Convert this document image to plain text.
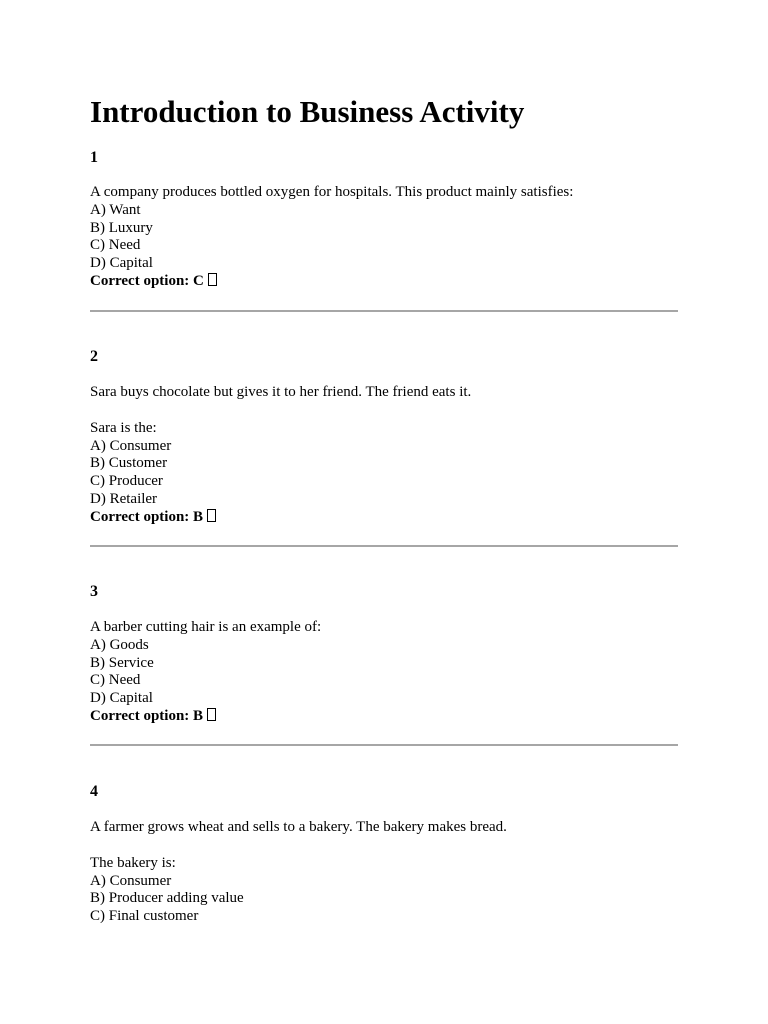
Introduction to Business Activity

1

A company produces bottled oxygen for hospitals. This product mainly satisfies:

A) Want

B) Luxury

C) Need

D) Capital

Correct option: C

2

Sara buys chocolate but gives it to her friend. The friend eats it.

Sara is the:

A) Consumer

B) Customer

C) Producer

D) Retailer

Correct option: B

3

A barber cutting hair is an example of:

A) Goods

B) Service

C) Need

D) Capital

Correct option: B

4

A farmer grows wheat and sells to a bakery. The bakery makes bread.

The bakery is:

A) Consumer

B) Producer adding value

C) Final customer
